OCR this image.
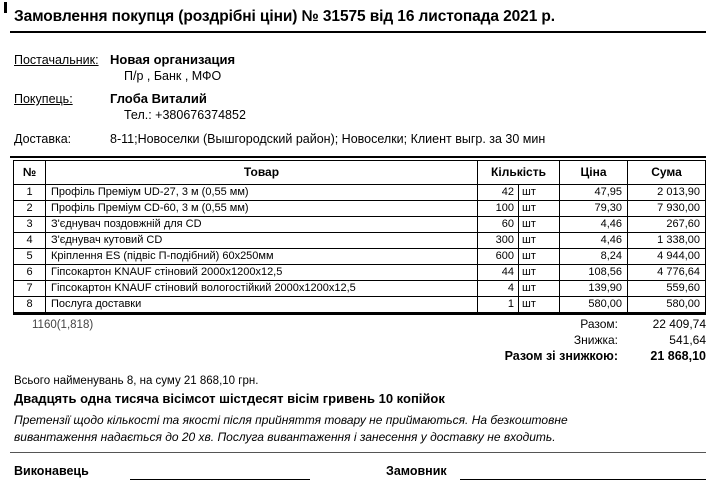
Замовлення покупця (роздрібні ціни) № 31575 від 16 листопада 2021 р.
Постачальник: Новая организация
П/р , Банк , МФО
Покупець:	Глоба Виталий
Тел.: +380676374852
Доставка:	8-11;Новоселки (Вышгородский район); Новоселки; Клиент выгр. за 30 мин
№	Товар	Кількість		Ціна	Сума
1	Профіль Преміум UD-27, 3 м (0,55 мм)	42	шт	47,95	2 013,90
2	Профіль Преміум CD-60, 3 м (0,55 мм)	100	шт	79,30	7 930,00
3	З'єднувач поздовжній для CD	60	шт	4,46	267,60
4	З'єднувач кутовий CD	300	шт	4,46	1 338,00
5	Кріплення ES (підвіс П-подібний) 60х250мм	600	шт	8,24	4 944,00
6	Гіпсокартон KNAUF стіновий 2000х1200х12,5	44	шт	108,56	4 776,64
7	Гіпсокартон KNAUF стіновий вологостійкий 2000х1200х12,5	4	шт	139,90	559,60
8	Послуга доставки	1	шт	580,00	580,00
1160(1,818)	Разом:	22 409,74
Знижка:	541,64
Разом зі знижкою:	21 868,10
Всього найменувань 8, на суму 21 868,10 грн.
Двадцять одна тисяча вісімсот шістдесят вісім гривень 10 копійок
Претензії щодо кількості та якості після прийняття товару не приймаються. На безкоштовне вивантаження надається до 20 хв. Послуга вивантаження і занесення у доставку не входить.
Виконавець	Замовник
